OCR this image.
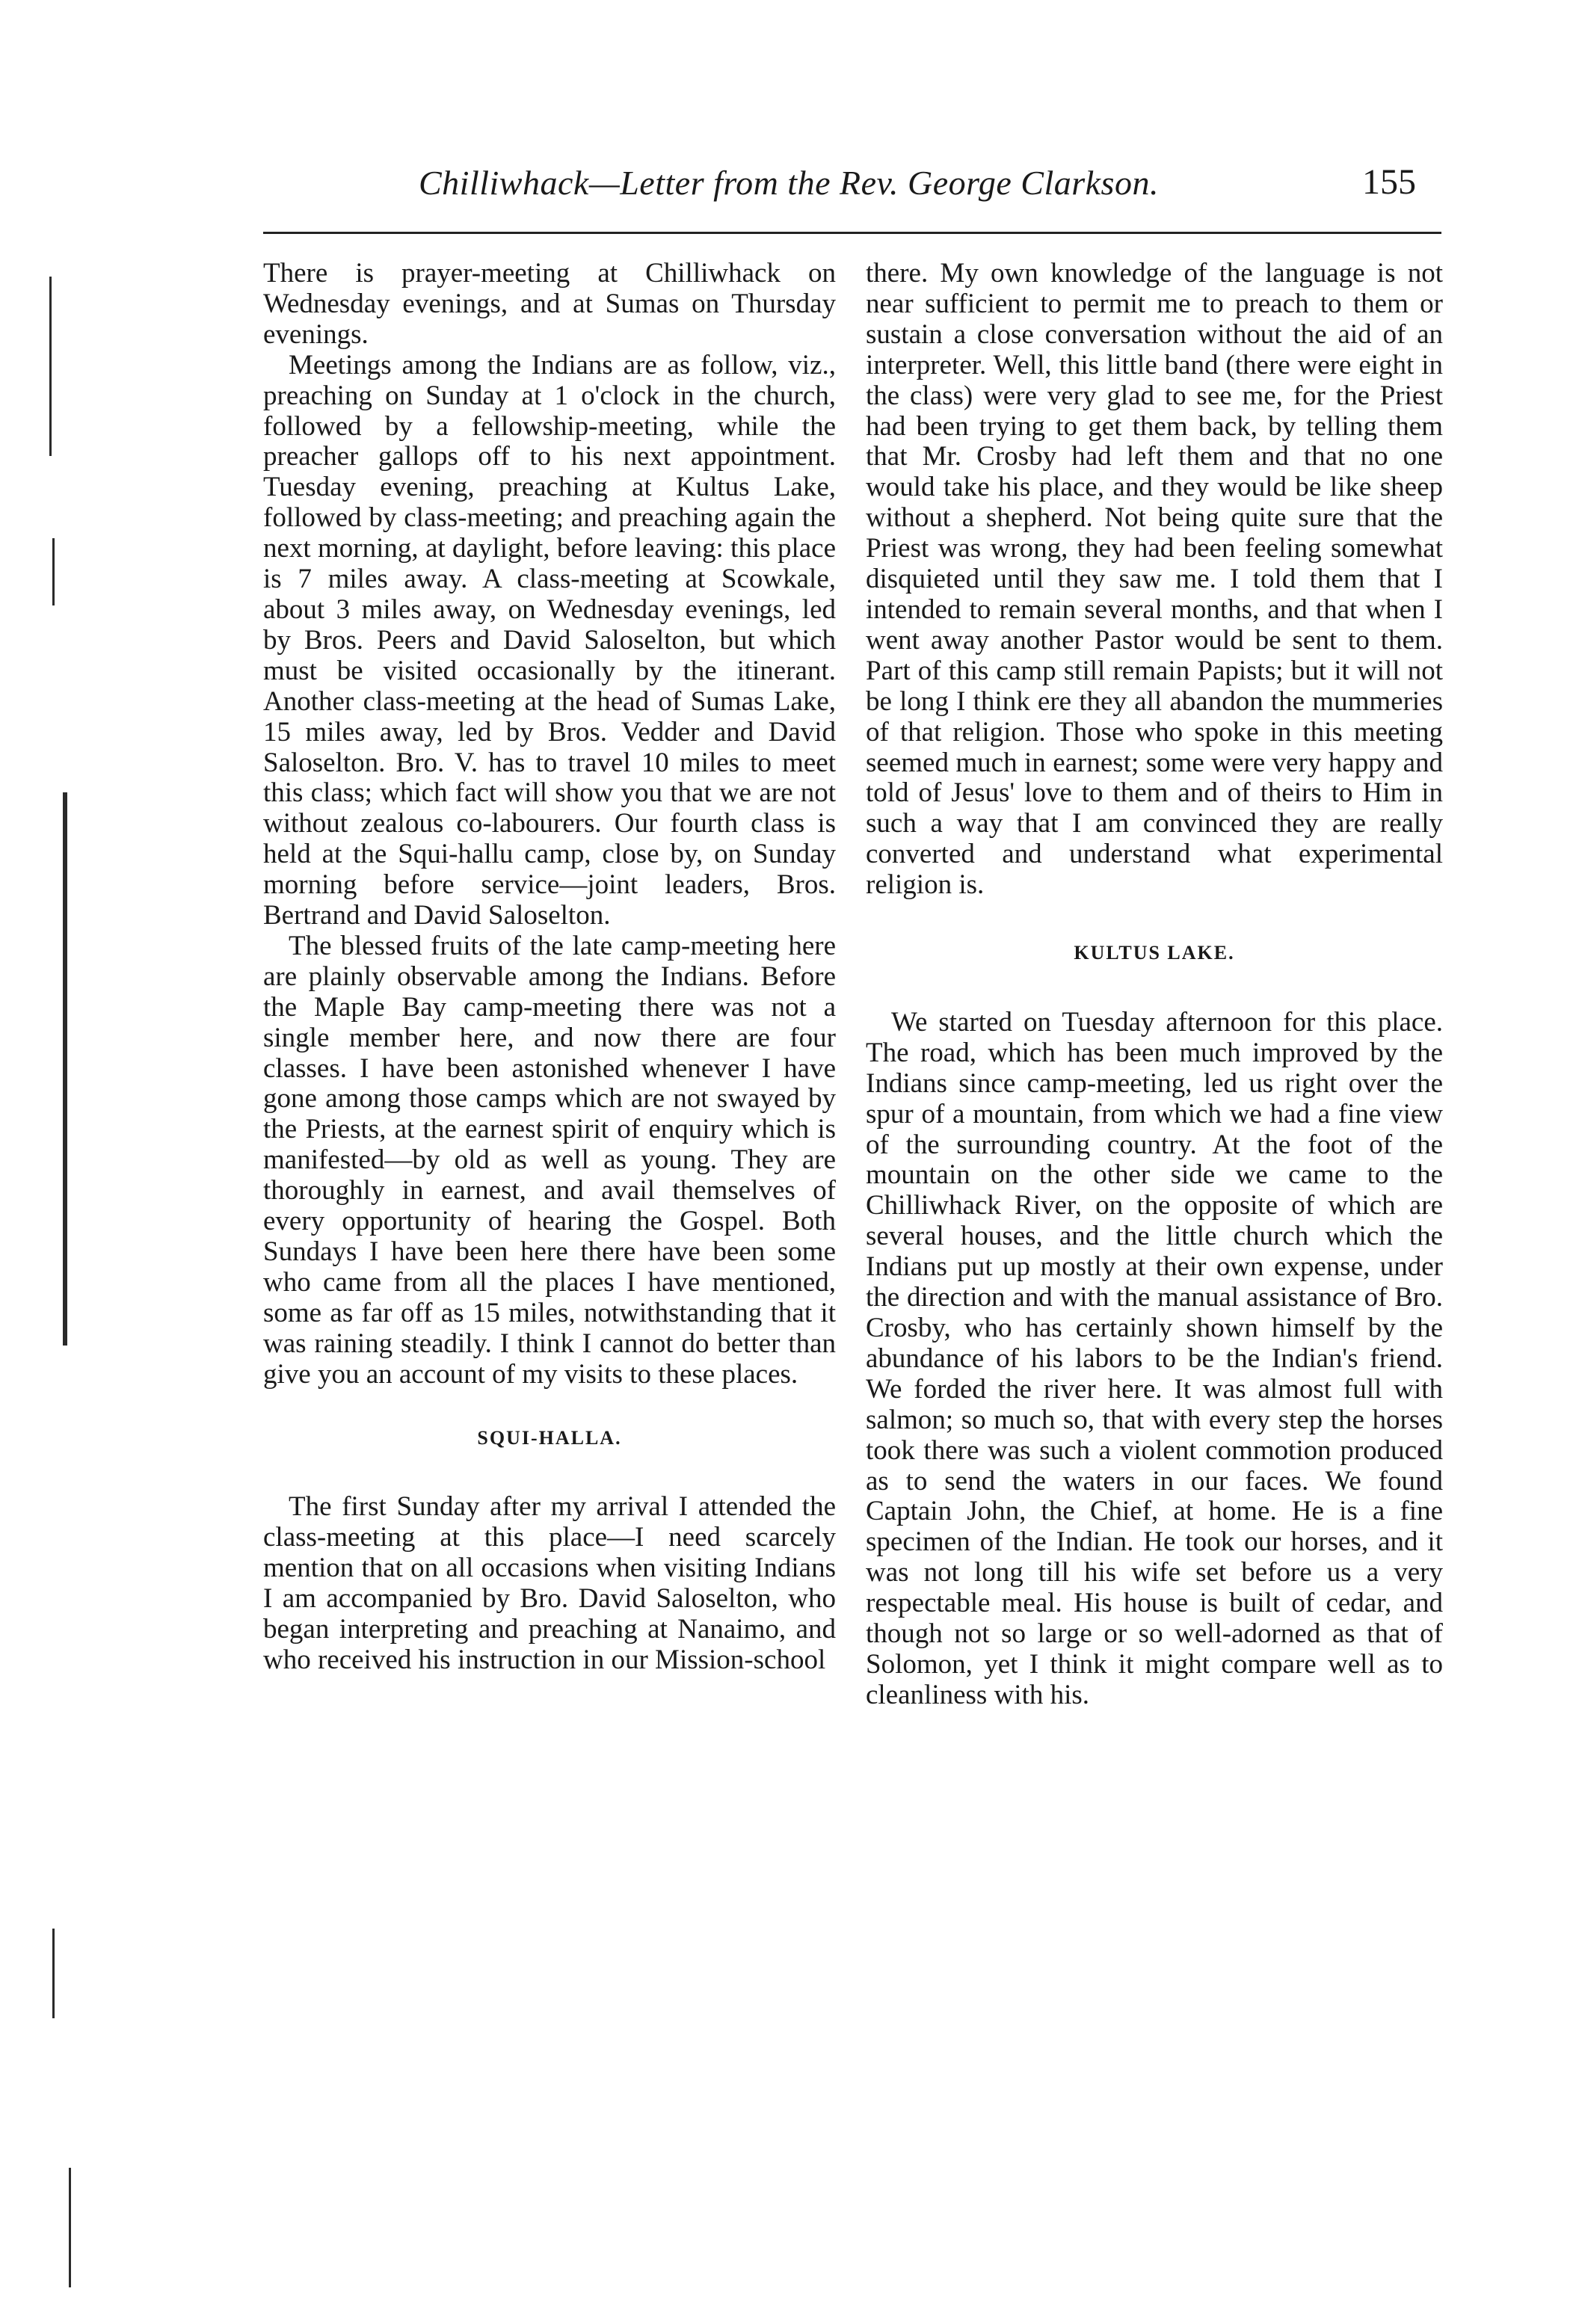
Chilliwhack—Letter from the Rev. George Clarkson.	155

There is prayer-meeting at Chilliwhack on Wednesday evenings, and at Sumas on Thursday evenings.

Meetings among the Indians are as follow, viz., preaching on Sunday at 1 o'clock in the church, followed by a fellowship-meeting, while the preacher gallops off to his next appointment. Tuesday evening, preaching at Kultus Lake, followed by class-meeting; and preaching again the next morning, at daylight, before leaving: this place is 7 miles away. A class-meeting at Scowkale, about 3 miles away, on Wednesday evenings, led by Bros. Peers and David Saloselton, but which must be visited occasionally by the itinerant. Another class-meeting at the head of Sumas Lake, 15 miles away, led by Bros. Vedder and David Saloselton. Bro. V. has to travel 10 miles to meet this class; which fact will show you that we are not without zealous co-labourers. Our fourth class is held at the Squi-hallu camp, close by, on Sunday morning before service—joint leaders, Bros. Bertrand and David Saloselton.

The blessed fruits of the late camp-meeting here are plainly observable among the Indians. Before the Maple Bay camp-meeting there was not a single member here, and now there are four classes. I have been astonished whenever I have gone among those camps which are not swayed by the Priests, at the earnest spirit of enquiry which is manifested—by old as well as young. They are thoroughly in earnest, and avail themselves of every opportunity of hearing the Gospel. Both Sundays I have been here there have been some who came from all the places I have mentioned, some as far off as 15 miles, notwithstanding that it was raining steadily. I think I cannot do better than give you an account of my visits to these places.

SQUI-HALLA.

The first Sunday after my arrival I attended the class-meeting at this place—I need scarcely mention that on all occasions when visiting Indians I am accompanied by Bro. David Saloselton, who began interpreting and preaching at Nanaimo, and who received his instruction in our Mission-school

there. My own knowledge of the language is not near sufficient to permit me to preach to them or sustain a close conversation without the aid of an interpreter. Well, this little band (there were eight in the class) were very glad to see me, for the Priest had been trying to get them back, by telling them that Mr. Crosby had left them and that no one would take his place, and they would be like sheep without a shepherd. Not being quite sure that the Priest was wrong, they had been feeling somewhat disquieted until they saw me. I told them that I intended to remain several months, and that when I went away another Pastor would be sent to them. Part of this camp still remain Papists; but it will not be long I think ere they all abandon the mummeries of that religion. Those who spoke in this meeting seemed much in earnest; some were very happy and told of Jesus' love to them and of theirs to Him in such a way that I am convinced they are really converted and understand what experimental religion is.

KULTUS LAKE.

We started on Tuesday afternoon for this place. The road, which has been much improved by the Indians since camp-meeting, led us right over the spur of a mountain, from which we had a fine view of the surrounding country. At the foot of the mountain on the other side we came to the Chilliwhack River, on the opposite of which are several houses, and the little church which the Indians put up mostly at their own expense, under the direction and with the manual assistance of Bro. Crosby, who has certainly shown himself by the abundance of his labors to be the Indian's friend. We forded the river here. It was almost full with salmon; so much so, that with every step the horses took there was such a violent commotion produced as to send the waters in our faces. We found Captain John, the Chief, at home. He is a fine specimen of the Indian. He took our horses, and it was not long till his wife set before us a very respectable meal. His house is built of cedar, and though not so large or so well-adorned as that of Solomon, yet I think it might compare well as to cleanliness with his.
